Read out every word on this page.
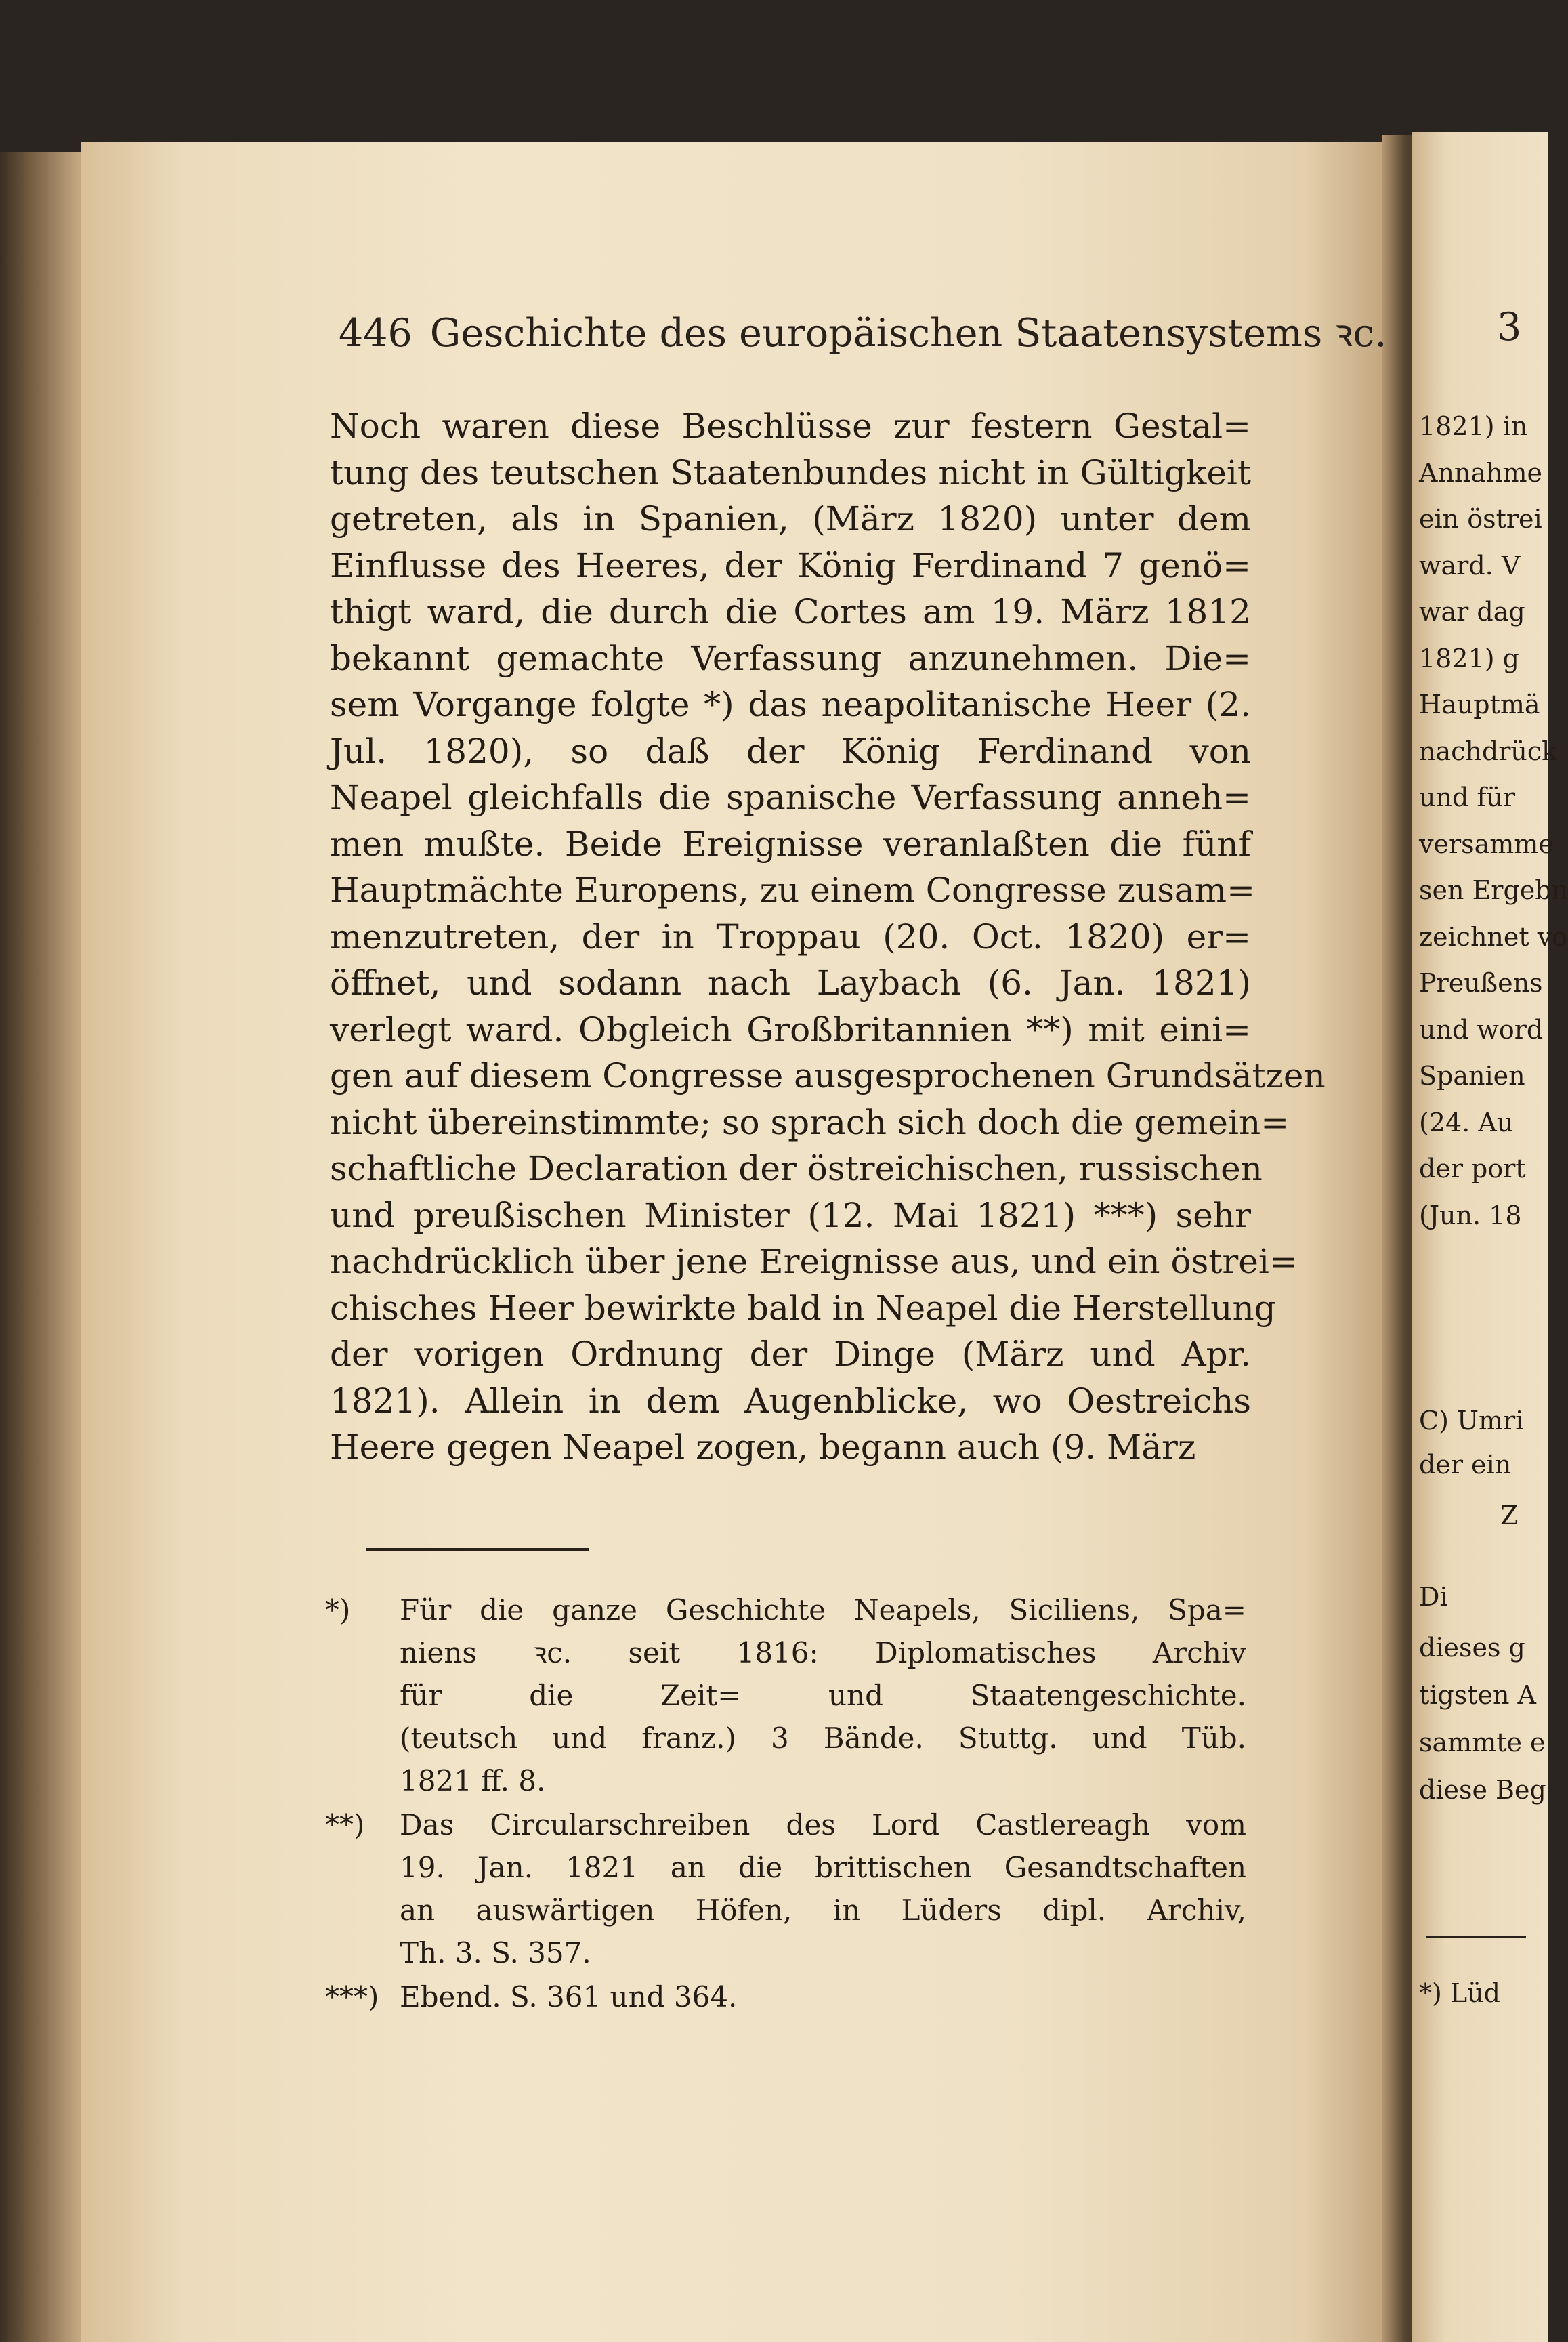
446 Geschichte des europäischen Staatensystems ꝛc.
Noch waren diese Beschlüsse zur festern Gestal=
tung des teutschen Staatenbundes nicht in Gültigkeit
getreten, als in Spanien, (März 1820) unter dem
Einflusse des Heeres, der König Ferdinand 7 genö=
thigt ward, die durch die Cortes am 19. März 1812
bekannt gemachte Verfassung anzunehmen. Die=
sem Vorgange folgte *) das neapolitanische Heer (2.
Jul. 1820), so daß der König Ferdinand von
Neapel gleichfalls die spanische Verfassung anneh=
men mußte. Beide Ereignisse veranlaßten die fünf
Hauptmächte Europens, zu einem Congresse zusam=
menzutreten, der in Troppau (20. Oct. 1820) er=
öffnet, und sodann nach Laybach (6. Jan. 1821)
verlegt ward. Obgleich Großbritannien **) mit eini=
gen auf diesem Congresse ausgesprochenen Grundsätzen
nicht übereinstimmte; so sprach sich doch die gemein=
schaftliche Declaration der östreichischen, russischen
und preußischen Minister (12. Mai 1821) ***) sehr
nachdrücklich über jene Ereignisse aus, und ein östrei=
chisches Heer bewirkte bald in Neapel die Herstellung
der vorigen Ordnung der Dinge (März und Apr.
1821). Allein in dem Augenblicke, wo Oestreichs
Heere gegen Neapel zogen, begann auch (9. März
*)	Für die ganze Geschichte Neapels, Siciliens, Spa=
niens ꝛc. seit 1816: Diplomatisches Archiv
für die Zeit= und Staatengeschichte.
(teutsch und franz.) 3 Bände. Stuttg. und Tüb.
1821 ff. 8.
**)	Das Circularschreiben des Lord Castlereagh vom
19. Jan. 1821 an die brittischen Gesandtschaften
an auswärtigen Höfen, in Lüders dipl. Archiv,
Th. 3. S. 357.
***) Ebend. S. 361 und 364.
3
1821) in
Annahme
ein östrei
ward. V
war dag
1821) g
Hauptmä
nachdrück
und für
versamme
sen Ergebn
zeichnet vo
Preußens
und word
Spanien
(24. Au
der port
(Jun. 18
C) Umri
der ein
Z
Di
dieses g
tigsten A
sammte e
diese Beg
*) Lüd
